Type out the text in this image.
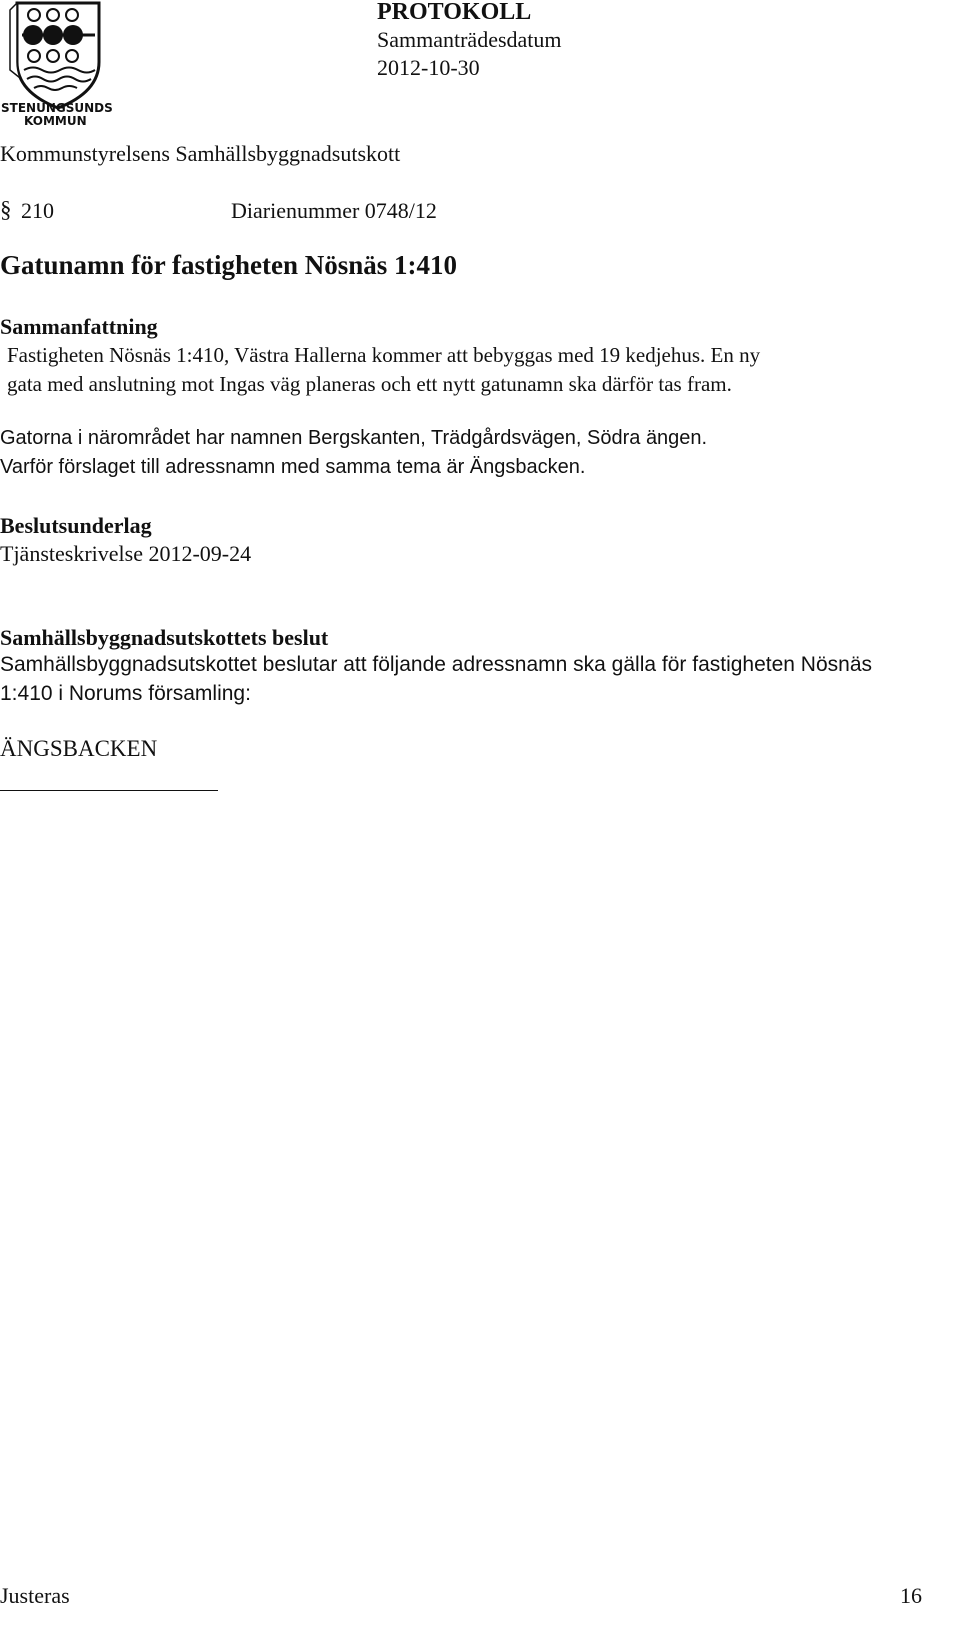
STENUNGSUNDS
KOMMUN
PROTOKOLL
Sammanträdesdatum
2012-10-30
Kommunstyrelsens Samhällsbyggnadsutskott
§ 210	Diarienummer 0748/12
Gatunamn för fastigheten Nösnäs 1:410
Sammanfattning
Fastigheten Nösnäs 1:410, Västra Hallerna kommer att bebyggas med 19 kedjehus. En ny
gata med anslutning mot Ingas väg planeras och ett nytt gatunamn ska därför tas fram.
Gatorna i närområdet har namnen Bergskanten, Trädgårdsvägen, Södra ängen.
Varför förslaget till adressnamn med samma tema är Ängsbacken.
Beslutsunderlag
Tjänsteskrivelse 2012-09-24
Samhällsbyggnadsutskottets beslut
Samhällsbyggnadsutskottet beslutar att följande adressnamn ska gälla för fastigheten Nösnäs
1:410 i Norums församling:
ÄNGSBACKEN
Justeras	16
